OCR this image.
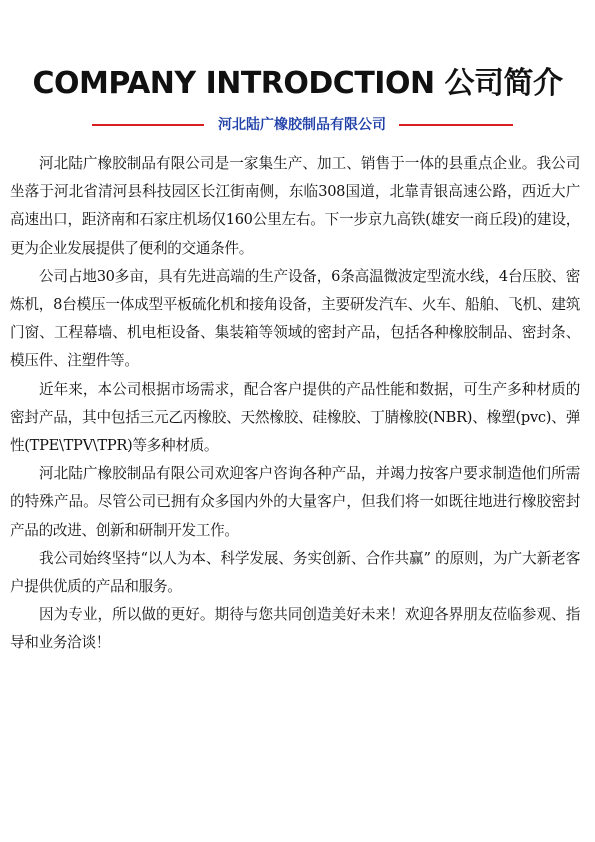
COMPANY INTRODCTION 公司简介
河北陆广橡胶制品有限公司

河北陆广橡胶制品有限公司是一家集生产、加工、销售于一体的县重点企业。我公司坐落于河北省清河县科技园区长江街南侧，东临308国道，北靠青银高速公路，西近大广高速出口，距济南和石家庄机场仅160公里左右。下一步京九高铁(雄安一商丘段)的建设，更为企业发展提供了便利的交通条件。

公司占地30多亩，具有先进高端的生产设备，6条高温微波定型流水线，4台压胶、密炼机，8台模压一体成型平板硫化机和接角设备，主要研发汽车、火车、船舶、飞机、建筑门窗、工程幕墙、机电柜设备、集装箱等领域的密封产品，包括各种橡胶制品、密封条、模压件、注塑件等。

近年来，本公司根据市场需求，配合客户提供的产品性能和数据，可生产多种材质的密封产品，其中包括三元乙丙橡胶、天然橡胶、硅橡胶、丁腈橡胶(NBR)、橡塑(pvc)、弹性(TPE\TPV\TPR)等多种材质。

河北陆广橡胶制品有限公司欢迎客户咨询各种产品，并竭力按客户要求制造他们所需的特殊产品。尽管公司已拥有众多国内外的大量客户，但我们将一如既往地进行橡胶密封产品的改进、创新和研制开发工作。

我公司始终坚持“以人为本、科学发展、务实创新、合作共赢” 的原则，为广大新老客户提供优质的产品和服务。

因为专业，所以做的更好。期待与您共同创造美好未来！欢迎各界朋友莅临参观、指导和业务洽谈！
